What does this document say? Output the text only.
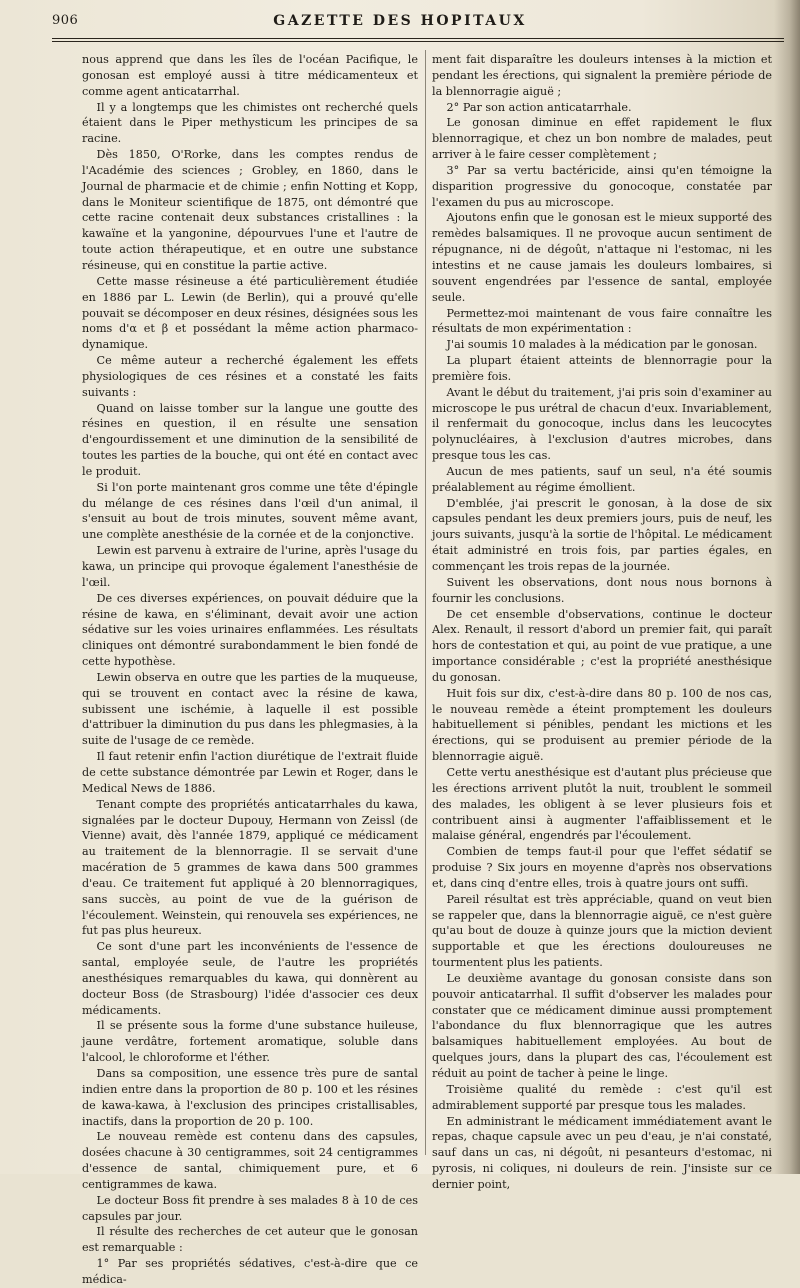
906	GAZETTE DES HOPITAUX

nous apprend que dans les îles de l'océan Pacifique, le gonosan est employé aussi à titre médicamenteux et comme agent anticatarrhal.

Il y a longtemps que les chimistes ont recherché quels étaient dans le Piper methysticum les principes de sa racine.

Dès 1850, O'Rorke, dans les comptes rendus de l'Académie des sciences ; Grobley, en 1860, dans le Journal de pharmacie et de chimie ; enfin Notting et Kopp, dans le Moniteur scientifique de 1875, ont démontré que cette racine contenait deux substances cristallines : la kawaïne et la yangonine, dépourvues l'une et l'autre de toute action thérapeutique, et en outre une substance résineuse, qui en constitue la partie active.

Cette masse résineuse a été particulièrement étudiée en 1886 par L. Lewin (de Berlin), qui a prouvé qu'elle pouvait se décomposer en deux résines, désignées sous les noms d'α et β et possédant la même action pharmaco-dynamique.

Ce même auteur a recherché également les effets physiologiques de ces résines et a constaté les faits suivants :

Quand on laisse tomber sur la langue une goutte des résines en question, il en résulte une sensation d'engourdissement et une diminution de la sensibilité de toutes les parties de la bouche, qui ont été en contact avec le produit.

Si l'on porte maintenant gros comme une tête d'épingle du mélange de ces résines dans l'œil d'un animal, il s'ensuit au bout de trois minutes, souvent même avant, une complète anesthésie de la cornée et de la conjonctive.

Lewin est parvenu à extraire de l'urine, après l'usage du kawa, un principe qui provoque également l'anesthésie de l'œil.

De ces diverses expériences, on pouvait déduire que la résine de kawa, en s'éliminant, devait avoir une action sédative sur les voies urinaires enflammées. Les résultats cliniques ont démontré surabondamment le bien fondé de cette hypothèse.

Lewin observa en outre que les parties de la muqueuse, qui se trouvent en contact avec la résine de kawa, subissent une ischémie, à laquelle il est possible d'attribuer la diminution du pus dans les phlegmasies, à la suite de l'usage de ce remède.

Il faut retenir enfin l'action diurétique de l'extrait fluide de cette substance démontrée par Lewin et Roger, dans le Medical News de 1886.

Tenant compte des propriétés anticatarrhales du kawa, signalées par le docteur Dupouy, Hermann von Zeissl (de Vienne) avait, dès l'année 1879, appliqué ce médicament au traitement de la blennorragie. Il se servait d'une macération de 5 grammes de kawa dans 500 grammes d'eau. Ce traitement fut appliqué à 20 blennorragiques, sans succès, au point de vue de la guérison de l'écoulement. Weinstein, qui renouvela ses expériences, ne fut pas plus heureux.

Ce sont d'une part les inconvénients de l'essence de santal, employée seule, de l'autre les propriétés anesthésiques remarquables du kawa, qui donnèrent au docteur Boss (de Strasbourg) l'idée d'associer ces deux médicaments.

Il se présente sous la forme d'une substance huileuse, jaune verdâtre, fortement aromatique, soluble dans l'alcool, le chloroforme et l'éther.

Dans sa composition, une essence très pure de santal indien entre dans la proportion de 80 p. 100 et les résines de kawa-kawa, à l'exclusion des principes cristallisables, inactifs, dans la proportion de 20 p. 100.

Le nouveau remède est contenu dans des capsules, dosées chacune à 30 centigrammes, soit 24 centigrammes d'essence de santal, chimiquement pure, et 6 centigrammes de kawa.

Le docteur Boss fit prendre à ses malades 8 à 10 de ces capsules par jour.

Il résulte des recherches de cet auteur que le gonosan est remarquable :

1° Par ses propriétés sédatives, c'est-à-dire que ce médica-

ment fait disparaître les douleurs intenses à la miction et pendant les érections, qui signalent la première période de la blennorragie aiguë ;

2° Par son action anticatarrhale.

Le gonosan diminue en effet rapidement le flux blennorragique, et chez un bon nombre de malades, peut arriver à le faire cesser complètement ;

3° Par sa vertu bactéricide, ainsi qu'en témoigne la disparition progressive du gonocoque, constatée par l'examen du pus au microscope.

Ajoutons enfin que le gonosan est le mieux supporté des remèdes balsamiques. Il ne provoque aucun sentiment de répugnance, ni de dégoût, n'attaque ni l'estomac, ni les intestins et ne cause jamais les douleurs lombaires, si souvent engendrées par l'essence de santal, employée seule.

Permettez-moi maintenant de vous faire connaître les résultats de mon expérimentation :

J'ai soumis 10 malades à la médication par le gonosan.

La plupart étaient atteints de blennorragie pour la première fois.

Avant le début du traitement, j'ai pris soin d'examiner au microscope le pus urétral de chacun d'eux. Invariablement, il renfermait du gonocoque, inclus dans les leucocytes polynucléaires, à l'exclusion d'autres microbes, dans presque tous les cas.

Aucun de mes patients, sauf un seul, n'a été soumis préalablement au régime émollient.

D'emblée, j'ai prescrit le gonosan, à la dose de six capsules pendant les deux premiers jours, puis de neuf, les jours suivants, jusqu'à la sortie de l'hôpital. Le médicament était administré en trois fois, par parties égales, en commençant les trois repas de la journée.

Suivent les observations, dont nous nous bornons à fournir les conclusions.

De cet ensemble d'observations, continue le docteur Alex. Renault, il ressort d'abord un premier fait, qui paraît hors de contestation et qui, au point de vue pratique, a une importance considérable ; c'est la propriété anesthésique du gonosan.

Huit fois sur dix, c'est-à-dire dans 80 p. 100 de nos cas, le nouveau remède a éteint promptement les douleurs habituellement si pénibles, pendant les mictions et les érections, qui se produisent au premier période de la blennorragie aiguë.

Cette vertu anesthésique est d'autant plus précieuse que les érections arrivent plutôt la nuit, troublent le sommeil des malades, les obligent à se lever plusieurs fois et contribuent ainsi à augmenter l'affaiblissement et le malaise général, engendrés par l'écoulement.

Combien de temps faut-il pour que l'effet sédatif se produise ? Six jours en moyenne d'après nos observations et, dans cinq d'entre elles, trois à quatre jours ont suffi.

Pareil résultat est très appréciable, quand on veut bien se rappeler que, dans la blennorragie aiguë, ce n'est guère qu'au bout de douze à quinze jours que la miction devient supportable et que les érections douloureuses ne tourmentent plus les patients.

Le deuxième avantage du gonosan consiste dans son pouvoir anticatarrhal. Il suffit d'observer les malades pour constater que ce médicament diminue aussi promptement l'abondance du flux blennorragique que les autres balsamiques habituellement employées. Au bout de quelques jours, dans la plupart des cas, l'écoulement est réduit au point de tacher à peine le linge.

Troisième qualité du remède : c'est qu'il est admirablement supporté par presque tous les malades.

En administrant le médicament immédiatement avant le repas, chaque capsule avec un peu d'eau, je n'ai constaté, sauf dans un cas, ni dégoût, ni pesanteurs d'estomac, ni pyrosis, ni coliques, ni douleurs de rein. J'insiste sur ce dernier point,
